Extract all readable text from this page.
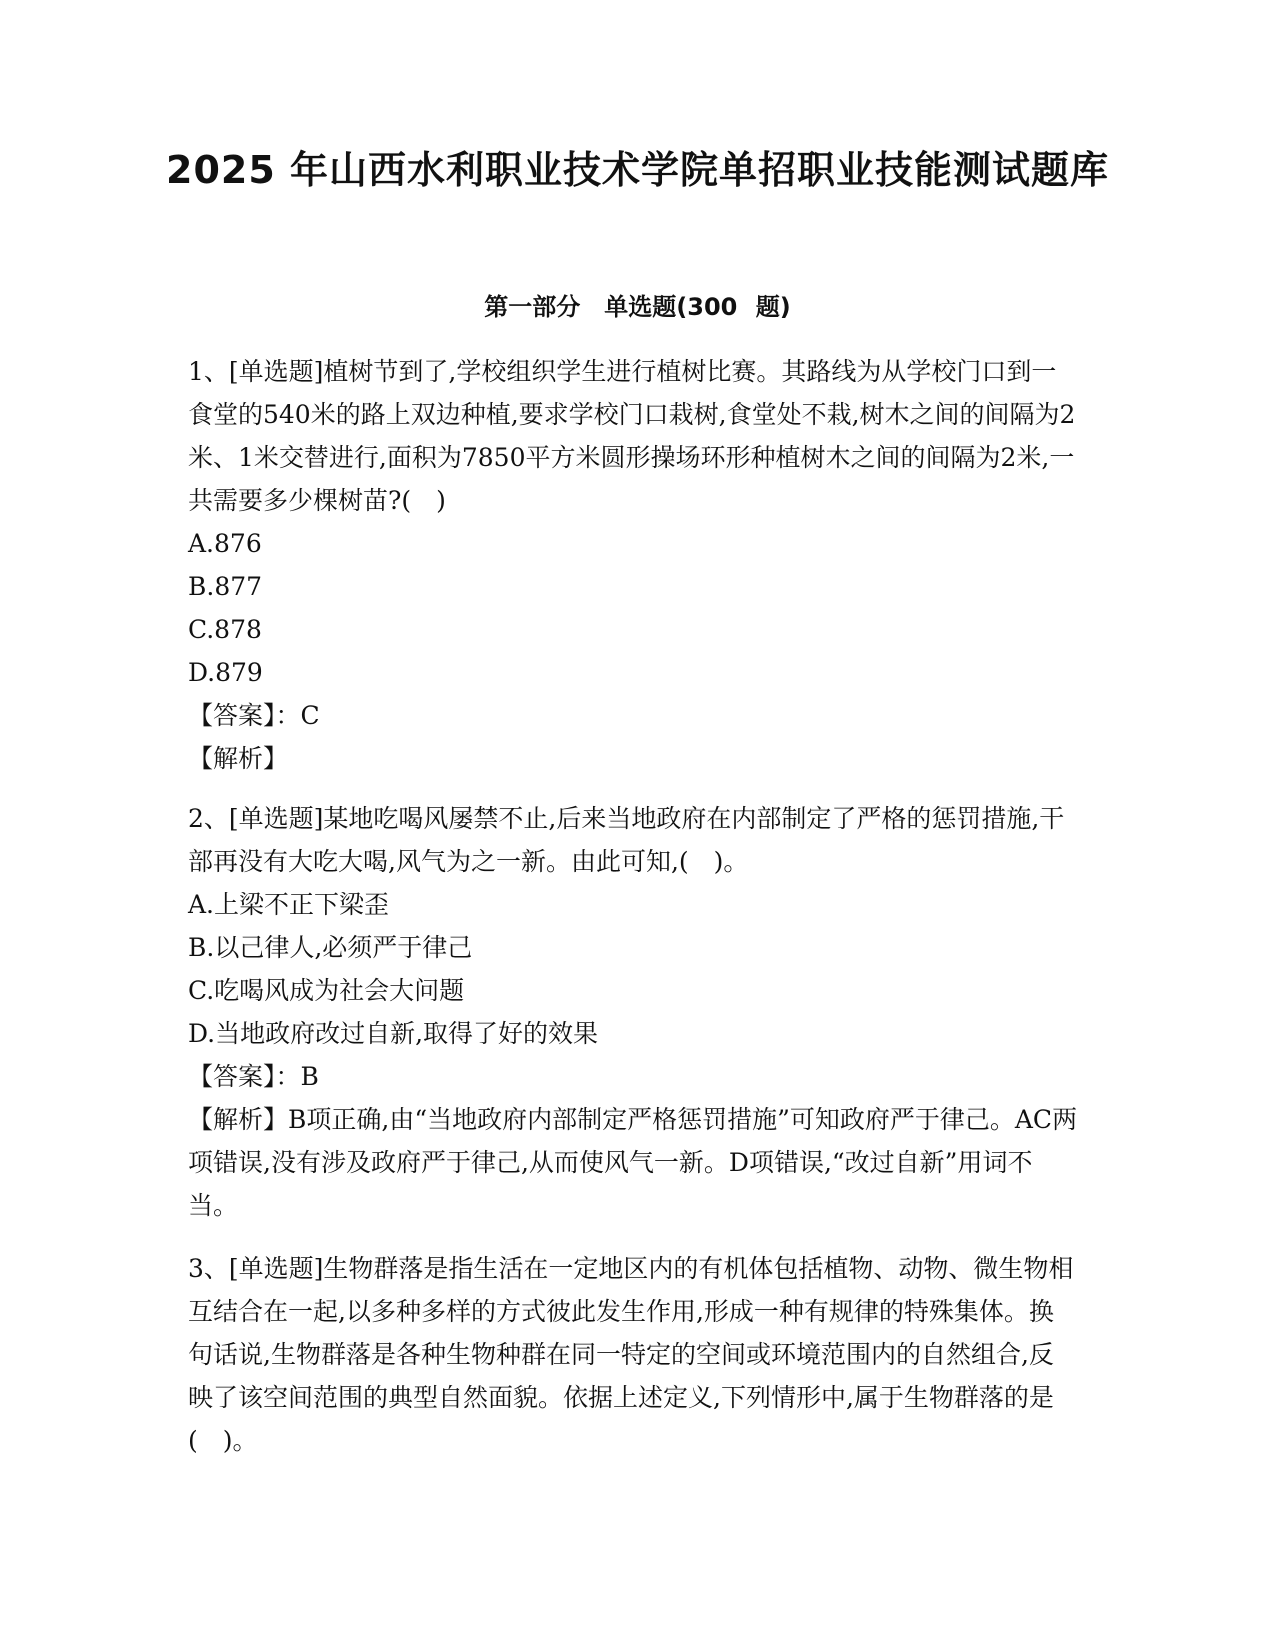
2025 年山西水利职业技术学院单招职业技能测试题库
第一部分　单选题(300 题)

1、[单选题]植树节到了,学校组织学生进行植树比赛。其路线为从学校门口到一食堂的540米的路上双边种植,要求学校门口栽树,食堂处不栽,树木之间的间隔为2米、1米交替进行,面积为7850平方米圆形操场环形种植树木之间的间隔为2米,一共需要多少棵树苗?(　)

A.876

B.877

C.878

D.879

【答案】：C

【解析】

2、[单选题]某地吃喝风屡禁不止,后来当地政府在内部制定了严格的惩罚措施,干部再没有大吃大喝,风气为之一新。由此可知,(　)。

A.上梁不正下梁歪

B.以己律人,必须严于律己

C.吃喝风成为社会大问题

D.当地政府改过自新,取得了好的效果

【答案】：B

【解析】B项正确,由“当地政府内部制定严格惩罚措施”可知政府严于律己。AC两项错误,没有涉及政府严于律己,从而使风气一新。D项错误,“改过自新”用词不当。

3、[单选题]生物群落是指生活在一定地区内的有机体包括植物、动物、微生物相互结合在一起,以多种多样的方式彼此发生作用,形成一种有规律的特殊集体。换句话说,生物群落是各种生物种群在同一特定的空间或环境范围内的自然组合,反映了该空间范围的典型自然面貌。依据上述定义,下列情形中,属于生物群落的是(　)。
